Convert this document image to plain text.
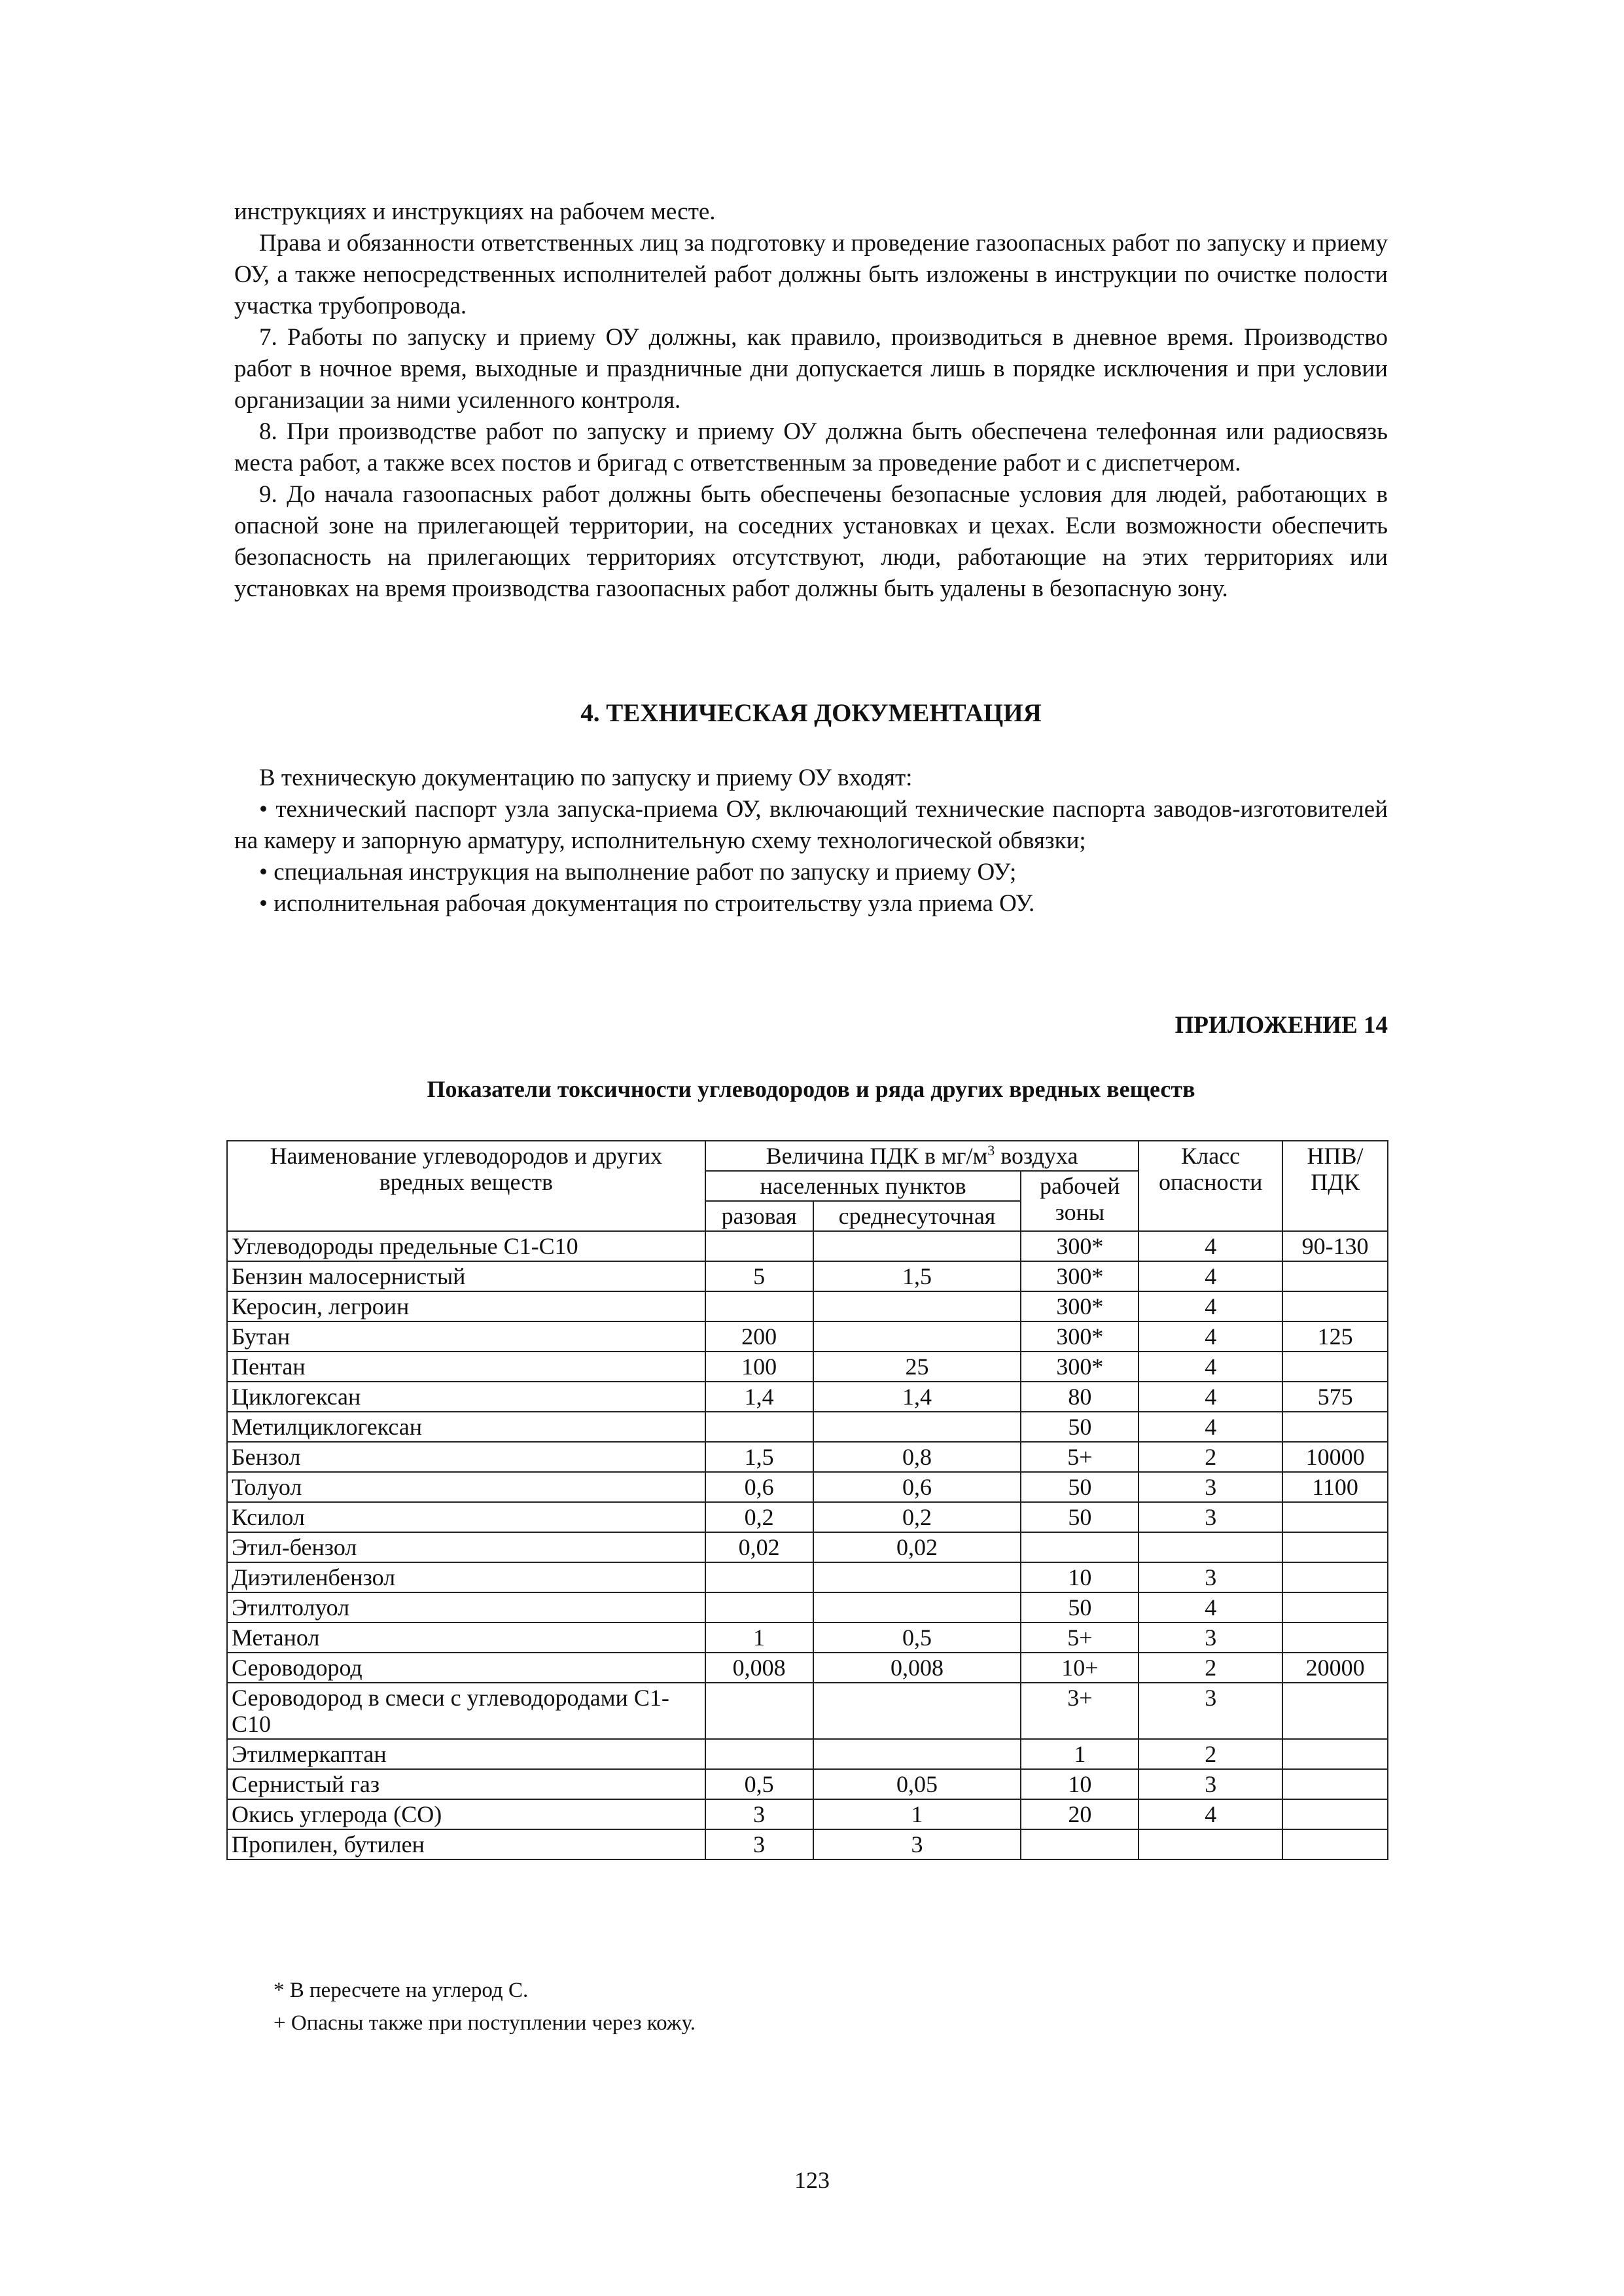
инструкциях и инструкциях на рабочем месте.

Права и обязанности ответственных лиц за подготовку и проведение газоопасных работ по запуску и приему ОУ, а также непосредственных исполнителей работ должны быть изложены в инструкции по очистке полости участка трубопровода.

7. Работы по запуску и приему ОУ должны, как правило, производиться в дневное время. Производство работ в ночное время, выходные и праздничные дни допускается лишь в порядке исключения и при условии организации за ними усиленного контроля.

8. При производстве работ по запуску и приему ОУ должна быть обеспечена телефонная или радиосвязь места работ, а также всех постов и бригад с ответственным за проведение работ и с диспетчером.

9. До начала газоопасных работ должны быть обеспечены безопасные условия для людей, работающих в опасной зоне на прилегающей территории, на соседних установках и цехах. Если возможности обеспечить безопасность на прилегающих территориях отсутствуют, люди, работающие на этих территориях или установках на время производства газоопасных работ должны быть удалены в безопасную зону.

4. ТЕХНИЧЕСКАЯ ДОКУМЕНТАЦИЯ

В техническую документацию по запуску и приему ОУ входят:

• технический паспорт узла запуска-приема ОУ, включающий технические паспорта заводов-изготовителей на камеру и запорную арматуру, исполнительную схему технологической обвязки;

• специальная инструкция на выполнение работ по запуску и приему ОУ;

• исполнительная рабочая документация по строительству узла приема ОУ.

ПРИЛОЖЕНИЕ 14

Показатели токсичности углеводородов и ряда других вредных веществ

Наименование углеводородов и других вредных веществ	Величина ПДК в $мг/м^3$ воздуха			Класс опасности	НПВ/ ПДК
	населенных пунктов		рабочей зоны		
	разовая	среднесуточная			
Углеводороды предельные С1-С10			300*	4	90-130
Бензин малосернистый	5	1,5	300*	4	
Керосин, легроин			300*	4	
Бутан	200		300*	4	125
Пентан	100	25	300*	4	
Циклогексан	1,4	1,4	80	4	575
Метилциклогексан			50	4	
Бензол	1,5	0,8	5+	2	10000
Толуол	0,6	0,6	50	3	1100
Ксилол	0,2	0,2	50	3	
Этил-бензол	0,02	0,02			
Диэтиленбензол			10	3	
Этилтолуол			50	4	
Метанол	1	0,5	5+	3	
Сероводород	0,008	0,008	10+	2	20000
Сероводород в смеси с углеводородами С1-С10			3+	3	
Этилмеркаптан			1	2	
Сернистый газ	0,5	0,05	10	3	
Окись углерода (СО)	3	1	20	4	
Пропилен, бутилен	3	3			

* В пересчете на углерод С.

+ Опасны также при поступлении через кожу.

123
